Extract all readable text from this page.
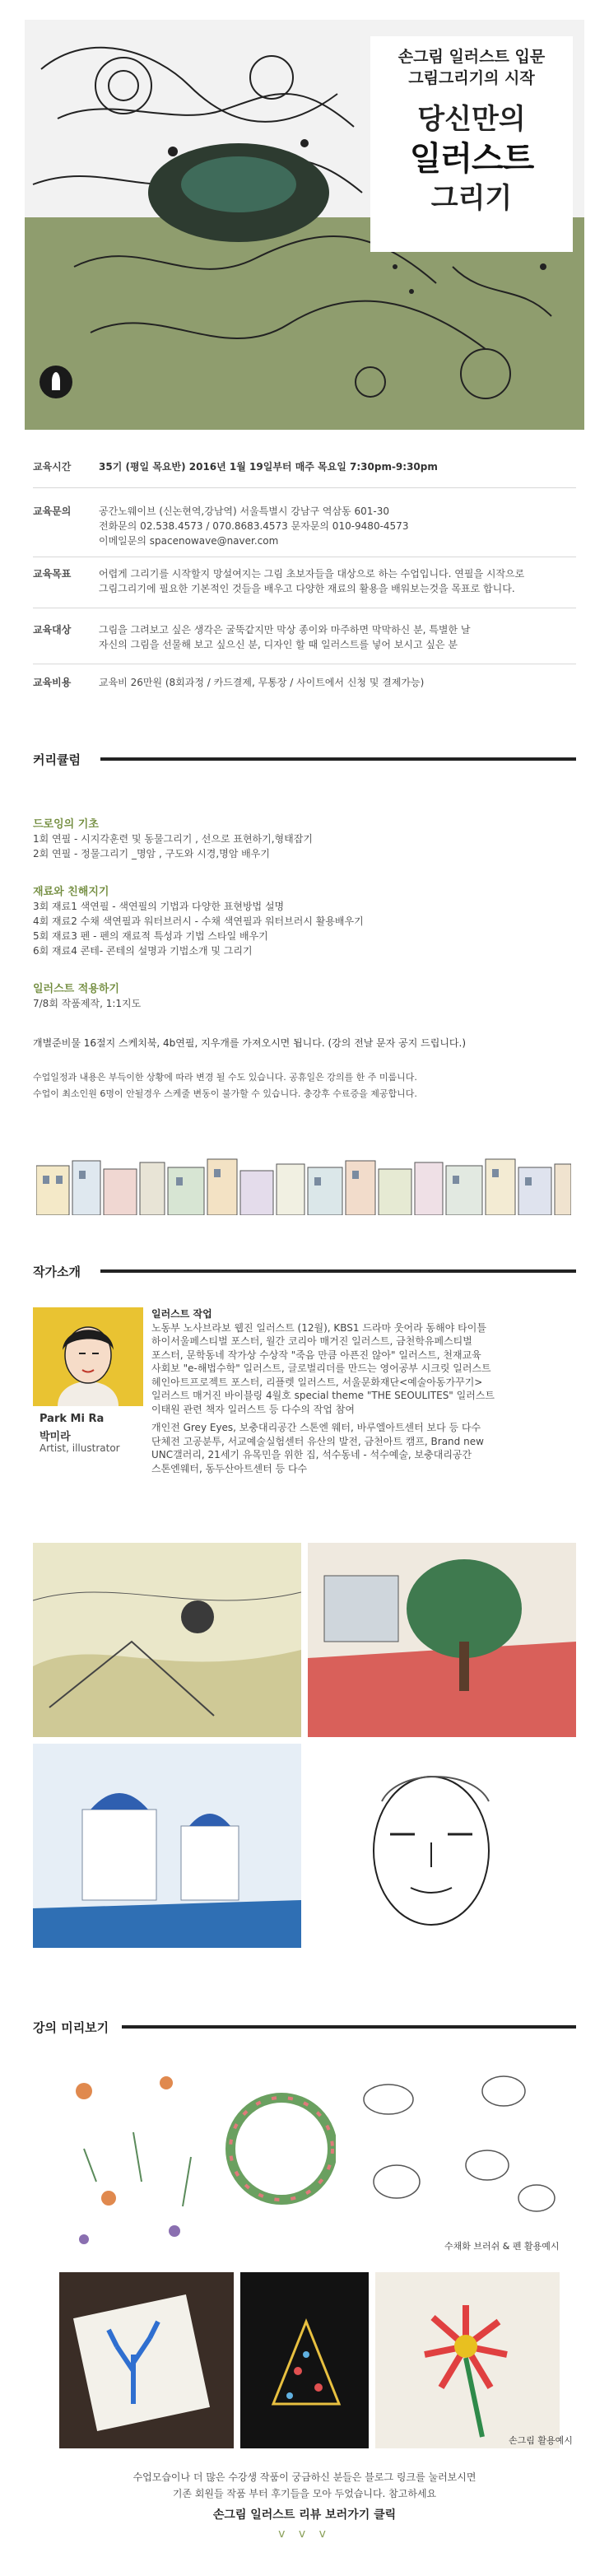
손그림 일러스트 입문
그림그리기의 시작
당신만의
일러스트
그리기
교육시간	35기 (평일 목요반) 2016년 1월 19일부터 매주 목요일 7:30pm-9:30pm
교육문의	공간노웨이브 (신논현역,강남역) 서울특별시 강남구 역삼동 601-30
전화문의 02.538.4573 / 070.8683.4573 문자문의 010-9480-4573
이메일문의 spacenowave@naver.com
교육목표	어렵게 그리기를 시작할지 망설여지는 그림 초보자들을 대상으로 하는 수업입니다. 연필을 시작으로
그림그리기에 필요한 기본적인 것들을 배우고 다양한 재료의 활용을 배워보는것을 목표로 합니다.
교육대상	그림을 그려보고 싶은 생각은 굴뚝같지만 막상 종이와 마주하면 막막하신 분, 특별한 날
자신의 그림을 선물해 보고 싶으신 분, 디자인 할 때 일러스트를 넣어 보시고 싶은 분
교육비용	교육비 26만원 (8회과정 / 카드결제, 무통장 / 사이트에서 신청 및 결제가능)
커리큘럼
드로잉의 기초
1회 연필 - 시지각훈련 및 동물그리기 , 선으로 표현하기,형태잡기
2회 연필 - 정물그리기 _명암 , 구도와 시경,명암 배우기
재료와 친해지기
3회 재료1 색연필 - 색연필의 기법과 다양한 표현방법 설명
4회 재료2 수채 색연필과 워터브러시 - 수채 색연필과 워터브러시 활용배우기
5회 재료3 펜 - 펜의 재료적 특성과 기법 스타일 배우기
6회 재료4 콘테- 콘테의 설명과 기법소개 및 그리기
일러스트 적용하기
7/8회 작품제작, 1:1지도
개별준비물 16절지 스케치북, 4b연필, 지우개를 가져오시면 됩니다. (강의 전날 문자 공지 드립니다.)
수업일정과 내용은 부득이한 상황에 따라 변경 될 수도 있습니다. 공휴일은 강의를 한 주 미룹니다.
수업이 최소인원 6명이 안될경우 스케줄 변동이 불가할 수 있습니다. 충강후 수료증을 제공합니다.
작가소개
Park Mi Ra
박미라
Artist, illustrator
일러스트 작업
노동부 노사브라보 웹진 일러스트 (12월), KBS1 드라마 웃어라 동해야 타이틀
하이서울페스티벌 포스터, 월간 코리아 매거진 일러스트, 금천학유페스티벌
포스터, 문학동네 작가상 수상작 "죽음 만큼 아픈진 않아" 일러스트, 천재교육
사회보 "e-해법수학" 일러스트, 글로벌리더를 만드는 영어공부 시크릿 일러스트
헤인아트프로젝트 포스터, 리플렛 일러스트, 서울문화재단<예술아동가꾸기>
일러스트 매거진 바이블링 4월호 special theme "THE SEOULITES" 일러스트
이태원 관련 책자 일러스트 등 다수의 작업 참여
개인전 Grey Eyes, 보충대리공간 스톤엔 웨터, 바루엘아트센터 보다 등 다수
단체전 고공분투, 서교예술실험센터 유산의 발전, 금천아트 캠프, Brand new
UNC갤러리, 21세기 유목민을 위한 집, 석수동네 - 석수예술, 보충대리공간
스톤엔웨터, 동두산아트센터 등 다수
강의 미리보기
수채화 브러쉬 & 펜 활용예시
손그림 활용예시
수업모습이나 더 많은 수강생 작품이 궁금하신 분들은 블로그 링크를 눌러보시면
기존 회원들 작품 부터 후기들을 모아 두었습니다. 참고하세요
손그림 일러스트 리뷰 보러가기 클릭
v v v
